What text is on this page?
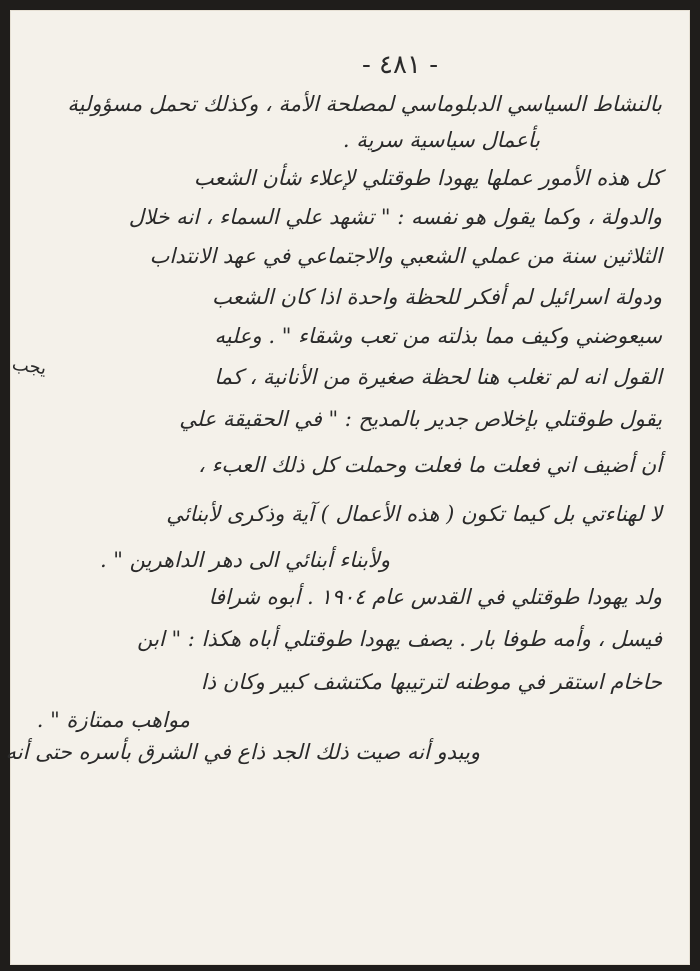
- ٤٨١ -
يجب
بالنشاط السياسي الدبلوماسي لمصلحة الأمة ، وكذلك تحمل مسؤولية
بأعمال سياسية سرية .
كل هذه الأمور عملها يهودا طوقتلي لإعلاء شأن الشعب
والدولة ، وكما يقول هو نفسه : " تشهد علي السماء ، انه خلال
الثلاثين سنة من عملي الشعبي والاجتماعي في عهد الانتداب
ودولة اسرائيل لم أفكر للحظة واحدة اذا كان الشعب
سيعوضني وكيف مما بذلته من تعب وشقاء " . وعليه
القول انه لم تغلب هنا لحظة صغيرة من الأنانية ، كما
يقول طوقتلي بإخلاص جدير بالمديح : " في الحقيقة علي
أن أضيف اني فعلت ما فعلت وحملت كل ذلك العبء ،
لا لهناءتي بل كيما تكون ( هذه الأعمال ) آية وذكرى لأبنائي
ولأبناء أبنائي الى دهر الداهرين " .
ولد يهودا طوقتلي في القدس عام ١٩٠٤ . أبوه شرافا
فيسل ، وأمه طوفا بار . يصف يهودا طوقتلي أباه هكذا : " ابن
حاخام استقر في موطنه لترتيبها مكتشف كبير وكان ذا
مواهب ممتازة " .
ويبدو أنه صيت ذلك الجد ذاع في الشرق بأسره حتى أنه
